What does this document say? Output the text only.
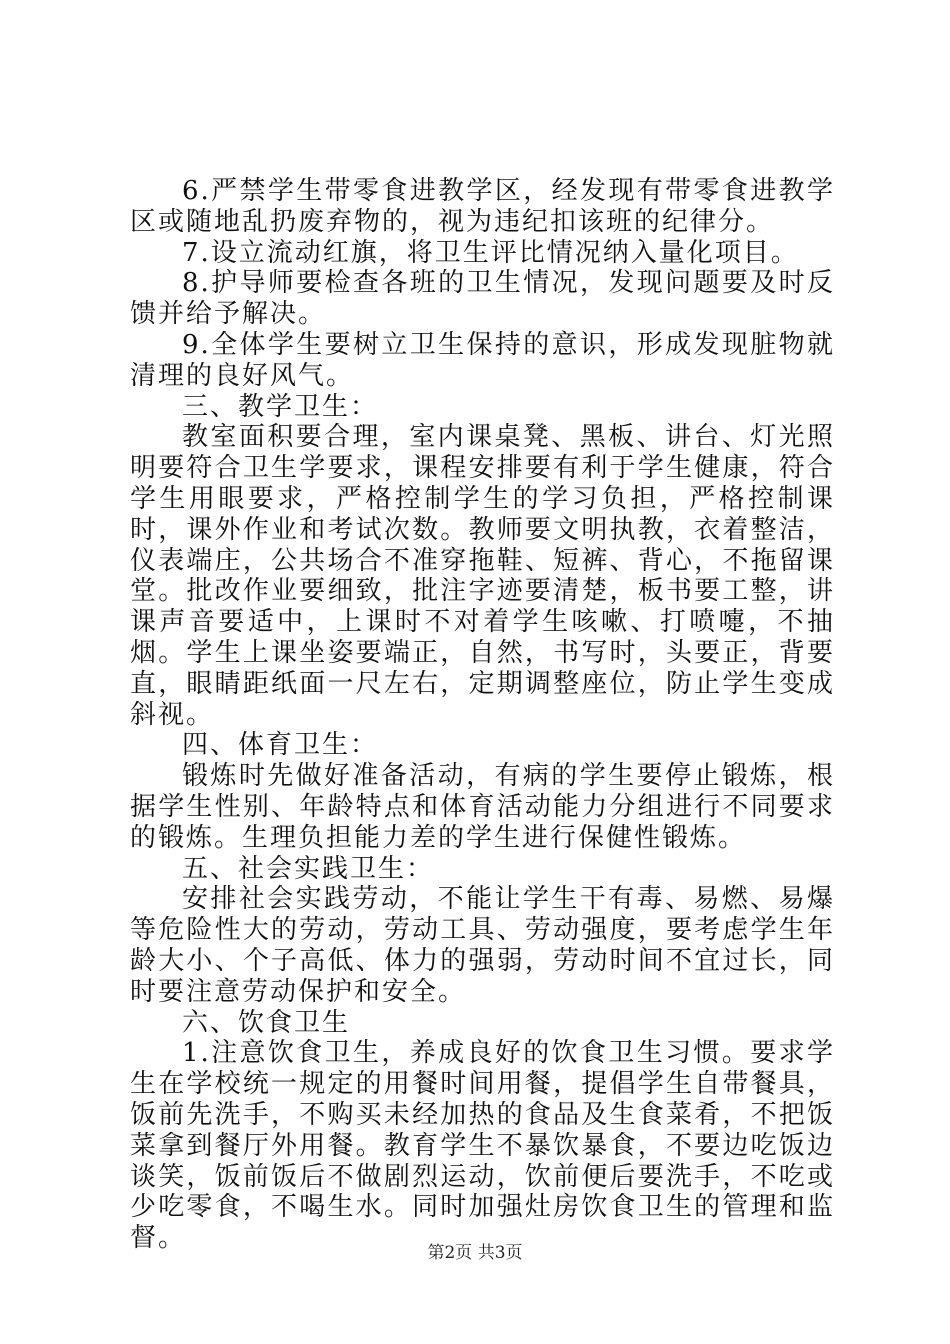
6.严禁学生带零食进教学区，经发现有带零食进教学区或随地乱扔废弃物的，视为违纪扣该班的纪律分。

7.设立流动红旗，将卫生评比情况纳入量化项目。

8.护导师要检查各班的卫生情况，发现问题要及时反馈并给予解决。

9.全体学生要树立卫生保持的意识，形成发现脏物就清理的良好风气。

三、教学卫生：

教室面积要合理，室内课桌凳、黑板、讲台、灯光照明要符合卫生学要求，课程安排要有利于学生健康，符合学生用眼要求，严格控制学生的学习负担，严格控制课时，课外作业和考试次数。教师要文明执教，衣着整洁，仪表端庄，公共场合不准穿拖鞋、短裤、背心，不拖留课堂。批改作业要细致，批注字迹要清楚，板书要工整，讲课声音要适中，上课时不对着学生咳嗽、打喷嚏，不抽烟。学生上课坐姿要端正，自然，书写时，头要正，背要直，眼睛距纸面一尺左右，定期调整座位，防止学生变成斜视。

四、体育卫生：

锻炼时先做好准备活动，有病的学生要停止锻炼，根据学生性别、年龄特点和体育活动能力分组进行不同要求的锻炼。生理负担能力差的学生进行保健性锻炼。

五、社会实践卫生：

安排社会实践劳动，不能让学生干有毒、易燃、易爆等危险性大的劳动，劳动工具、劳动强度，要考虑学生年龄大小、个子高低、体力的强弱，劳动时间不宜过长，同时要注意劳动保护和安全。

六、饮食卫生

1.注意饮食卫生，养成良好的饮食卫生习惯。要求学生在学校统一规定的用餐时间用餐，提倡学生自带餐具，饭前先洗手，不购买未经加热的食品及生食菜肴，不把饭菜拿到餐厅外用餐。教育学生不暴饮暴食，不要边吃饭边谈笑，饭前饭后不做剧烈运动，饮前便后要洗手，不吃或少吃零食，不喝生水。同时加强灶房饮食卫生的管理和监督。	第2页 共3页
